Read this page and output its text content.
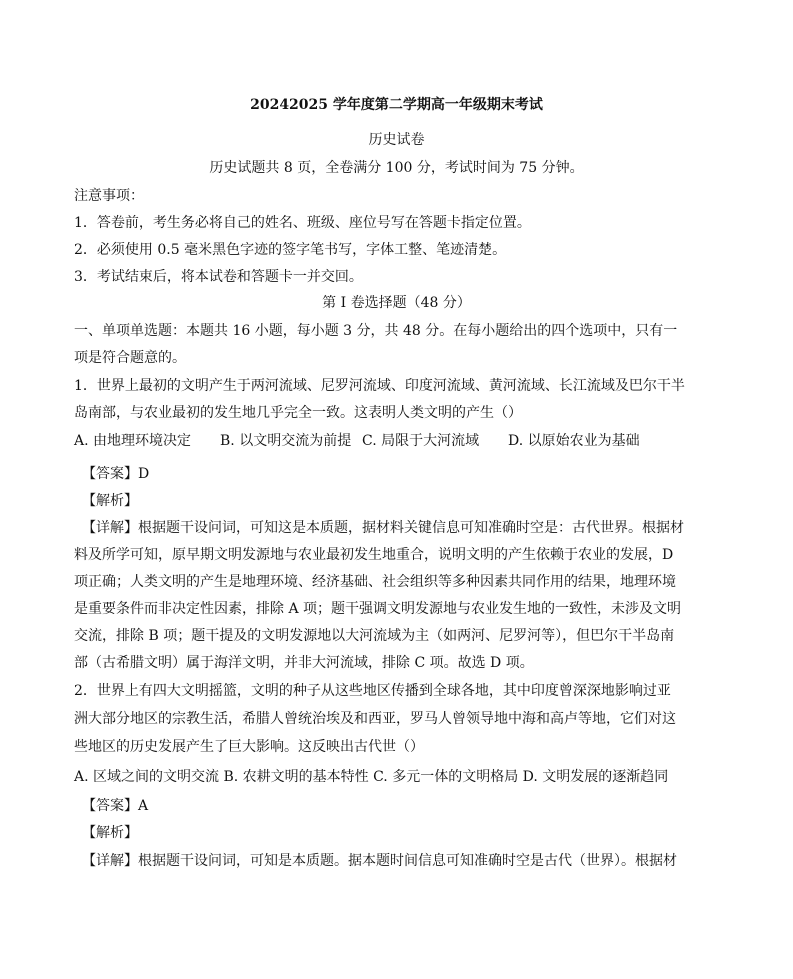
20242025 学年度第二学期高一年级期末考试
历史试卷
历史试题共 8 页，全卷满分 100 分，考试时间为 75 分钟。
注意事项：
1．答卷前，考生务必将自己的姓名、班级、座位号写在答题卡指定位置。
2．必须使用 0.5 毫米黑色字迹的签字笔书写，字体工整、笔迹清楚。
3．考试结束后，将本试卷和答题卡一并交回。
第 I 卷选择题（48 分）
一、单项单选题：本题共 16 小题，每小题 3 分，共 48 分。在每小题给出的四个选项中，只有一
项是符合题意的。
1．世界上最初的文明产生于两河流域、尼罗河流域、印度河流域、黄河流域、长江流域及巴尔干半
岛南部，与农业最初的发生地几乎完全一致。这表明人类文明的产生（）
A. 由地理环境决定 B. 以文明交流为前提 C. 局限于大河流域 D. 以原始农业为基础
【答案】D
【解析】
【详解】根据题干设问词，可知这是本质题，据材料关键信息可知准确时空是：古代世界。根据材
料及所学可知，原早期文明发源地与农业最初发生地重合，说明文明的产生依赖于农业的发展，D
项正确；人类文明的产生是地理环境、经济基础、社会组织等多种因素共同作用的结果，地理环境
是重要条件而非决定性因素，排除 A 项；题干强调文明发源地与农业发生地的一致性，未涉及文明
交流，排除 B 项；题干提及的文明发源地以大河流域为主（如两河、尼罗河等），但巴尔干半岛南
部（古希腊文明）属于海洋文明，并非大河流域，排除 C 项。故选 D 项。
2．世界上有四大文明摇篮，文明的种子从这些地区传播到全球各地，其中印度曾深深地影响过亚
洲大部分地区的宗教生活，希腊人曾统治埃及和西亚，罗马人曾领导地中海和高卢等地，它们对这
些地区的历史发展产生了巨大影响。这反映出古代世（）
A. 区域之间的文明交流 B. 农耕文明的基本特性 C. 多元一体的文明格局 D. 文明发展的逐渐趋同
【答案】A
【解析】
【详解】根据题干设问词，可知是本质题。据本题时间信息可知准确时空是古代（世界）。根据材
